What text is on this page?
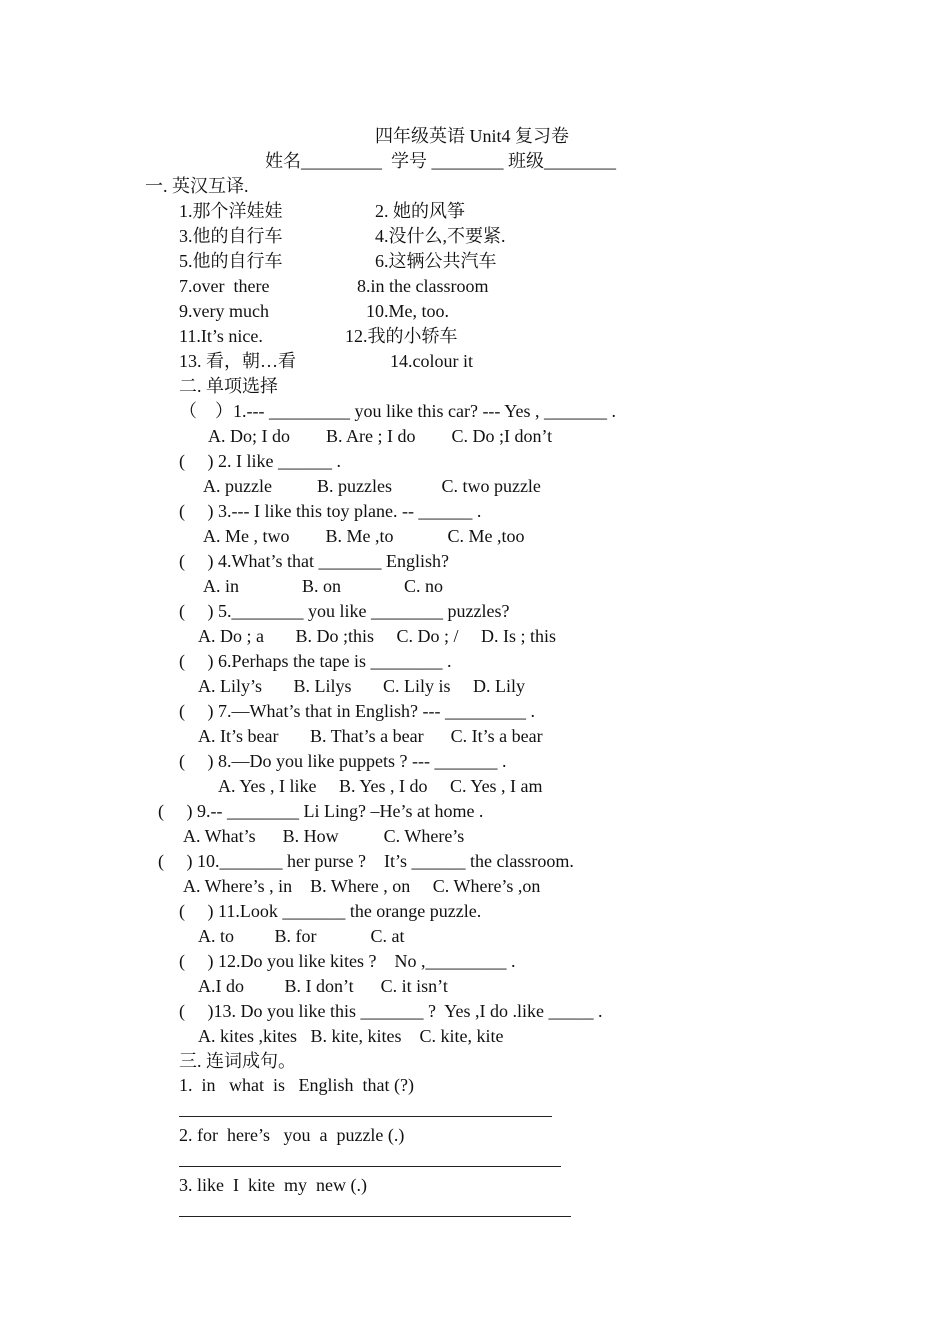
四年级英语 Unit4 复习卷
姓名_________  学号 ________ 班级________
一. 英汉互译.
1.那个洋娃娃	2. 她的风筝
3.他的自行车	4.没什么,不要紧.
5.他的自行车	6.这辆公共汽车
7.over  there	8.in the classroom
9.very much	10.Me, too.
11.It’s nice.	12.我的小轿车
13. 看，朝…看	14.colour it
二. 单项选择
（    ）1.--- _________ you like this car? --- Yes , _______ .
A. Do; I do        B. Are ; I do        C. Do ;I don’t
(     ) 2. I like ______ .
A. puzzle          B. puzzles           C. two puzzle
(     ) 3.--- I like this toy plane. -- ______ .
A. Me , two        B. Me ,to            C. Me ,too
(     ) 4.What’s that _______ English?
A. in              B. on              C. no
(     ) 5.________ you like ________ puzzles?
A. Do ; a       B. Do ;this     C. Do ; /     D. Is ; this
(     ) 6.Perhaps the tape is ________ .
A. Lily’s       B. Lilys       C. Lily is     D. Lily
(     ) 7.—What’s that in English? --- _________ .
A. It’s bear       B. That’s a bear      C. It’s a bear
(     ) 8.—Do you like puppets ? --- _______ .
A. Yes , I like     B. Yes , I do     C. Yes , I am
(     ) 9.-- ________ Li Ling? –He’s at home .
A. What’s      B. How          C. Where’s
(     ) 10._______ her purse ?    It’s ______ the classroom.
A. Where’s , in    B. Where , on     C. Where’s ,on
(     ) 11.Look _______ the orange puzzle.
A. to         B. for            C. at
(     ) 12.Do you like kites ?    No ,_________ .
A.I do         B. I don’t      C. it isn’t
(     )13. Do you like this _______ ?  Yes ,I do .like _____ .
A. kites ,kites   B. kite, kites    C. kite, kite
三. 连词成句。
1.  in   what  is   English  that (?)
2. for  here’s   you  a  puzzle (.)
3. like  I  kite  my  new (.)
